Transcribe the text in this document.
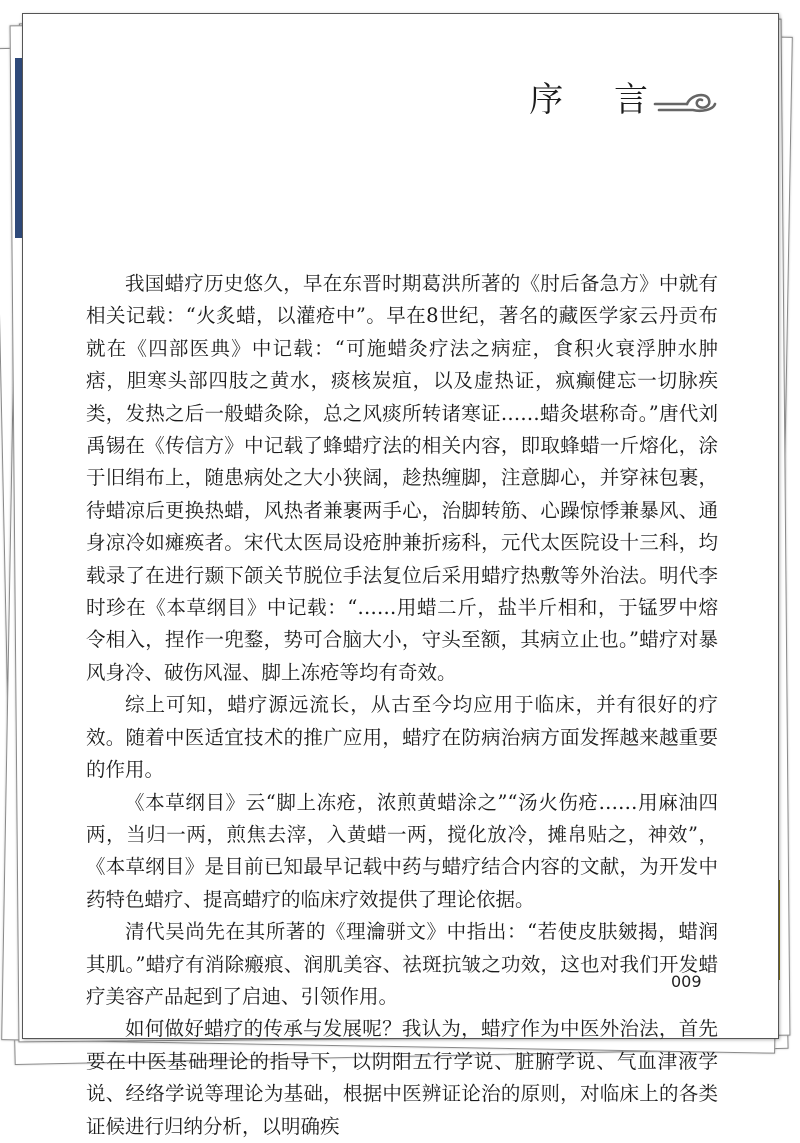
序 言

我国蜡疗历史悠久，早在东晋时期葛洪所著的《肘后备急方》中就有相关记载：“火炙蜡，以灌疮中”。早在8世纪，著名的藏医学家云丹贡布就在《四部医典》中记载：“可施蜡灸疗法之病症，食积火衰浮肿水肿痞，胆寒头部四肢之黄水，痰核炭疽，以及虚热证，疯癫健忘一切脉疾类，发热之后一般蜡灸除，总之风痰所转诸寒证……蜡灸堪称奇。”唐代刘禹锡在《传信方》中记载了蜂蜡疗法的相关内容，即取蜂蜡一斤熔化，涂于旧绢布上，随患病处之大小狭阔，趁热缠脚，注意脚心，并穿袜包裹，待蜡凉后更换热蜡，风热者兼裹两手心，治脚转筋、心躁惊悸兼暴风、通身凉冷如瘫痪者。宋代太医局设疮肿兼折疡科，元代太医院设十三科，均载录了在进行颞下颌关节脱位手法复位后采用蜡疗热敷等外治法。明代李时珍在《本草纲目》中记载：“……用蜡二斤，盐半斤相和，于锰罗中熔令相入，捏作一兜鍪，势可合脑大小，守头至额，其病立止也。”蜡疗对暴风身冷、破伤风湿、脚上冻疮等均有奇效。

综上可知，蜡疗源远流长，从古至今均应用于临床，并有很好的疗效。随着中医适宜技术的推广应用，蜡疗在防病治病方面发挥越来越重要的作用。

《本草纲目》云“脚上冻疮，浓煎黄蜡涂之”“汤火伤疮……用麻油四两，当归一两，煎焦去滓，入黄蜡一两，搅化放冷，摊帛贴之，神效”，《本草纲目》是目前已知最早记载中药与蜡疗结合内容的文献，为开发中药特色蜡疗、提高蜡疗的临床疗效提供了理论依据。

清代吴尚先在其所著的《理瀹骈文》中指出：“若使皮肤皴揭，蜡润其肌。”蜡疗有消除瘢痕、润肌美容、祛斑抗皱之功效，这也对我们开发蜡疗美容产品起到了启迪、引领作用。

如何做好蜡疗的传承与发展呢？我认为，蜡疗作为中医外治法，首先要在中医基础理论的指导下，以阴阳五行学说、脏腑学说、气血津液学说、经络学说等理论为基础，根据中医辨证论治的原则，对临床上的各类证候进行归纳分析，以明确疾

009
